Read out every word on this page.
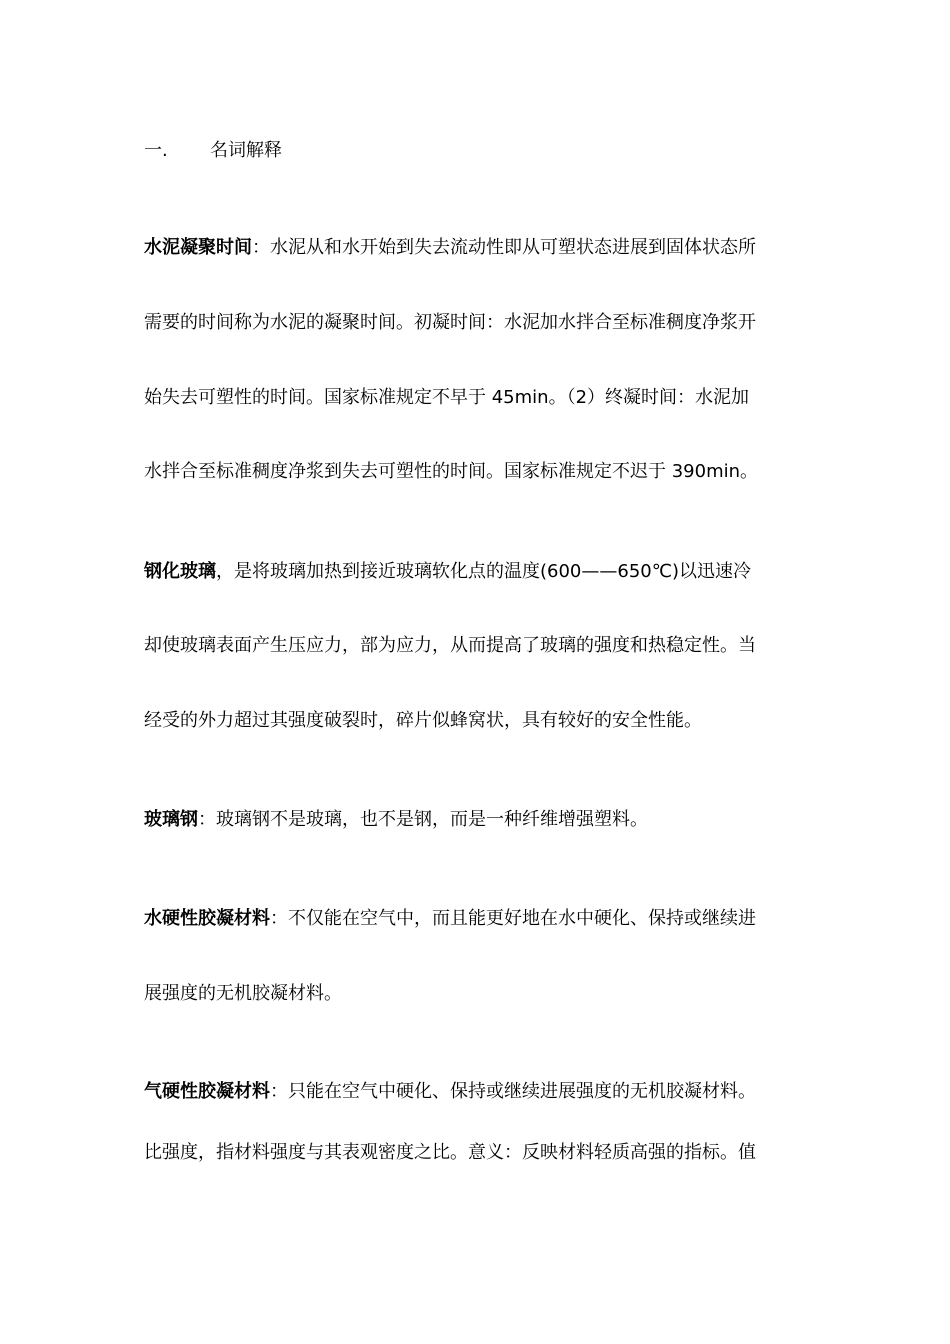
一. 名词解释
水泥凝聚时间：水泥从和水开始到失去流动性即从可塑状态进展到固体状态所
需要的时间称为水泥的凝聚时间。初凝时间：水泥加水拌合至标准稠度净浆开
始失去可塑性的时间。国家标准规定不早于 45min。（2）终凝时间：水泥加
水拌合至标准稠度净浆到失去可塑性的时间。国家标准规定不迟于 390min。
钢化玻璃，是将玻璃加热到接近玻璃软化点的温度(600——650℃)以迅速冷
却使玻璃表面产生压应力，部为应力，从而提高了玻璃的强度和热稳定性。当
经受的外力超过其强度破裂时，碎片似蜂窝状，具有较好的安全性能。
玻璃钢：玻璃钢不是玻璃，也不是钢，而是一种纤维增强塑料。
水硬性胶凝材料：不仅能在空气中，而且能更好地在水中硬化、保持或继续进
展强度的无机胶凝材料。
气硬性胶凝材料：只能在空气中硬化、保持或继续进展强度的无机胶凝材料。
比强度，指材料强度与其表观密度之比。意义：反映材料轻质高强的指标。值
